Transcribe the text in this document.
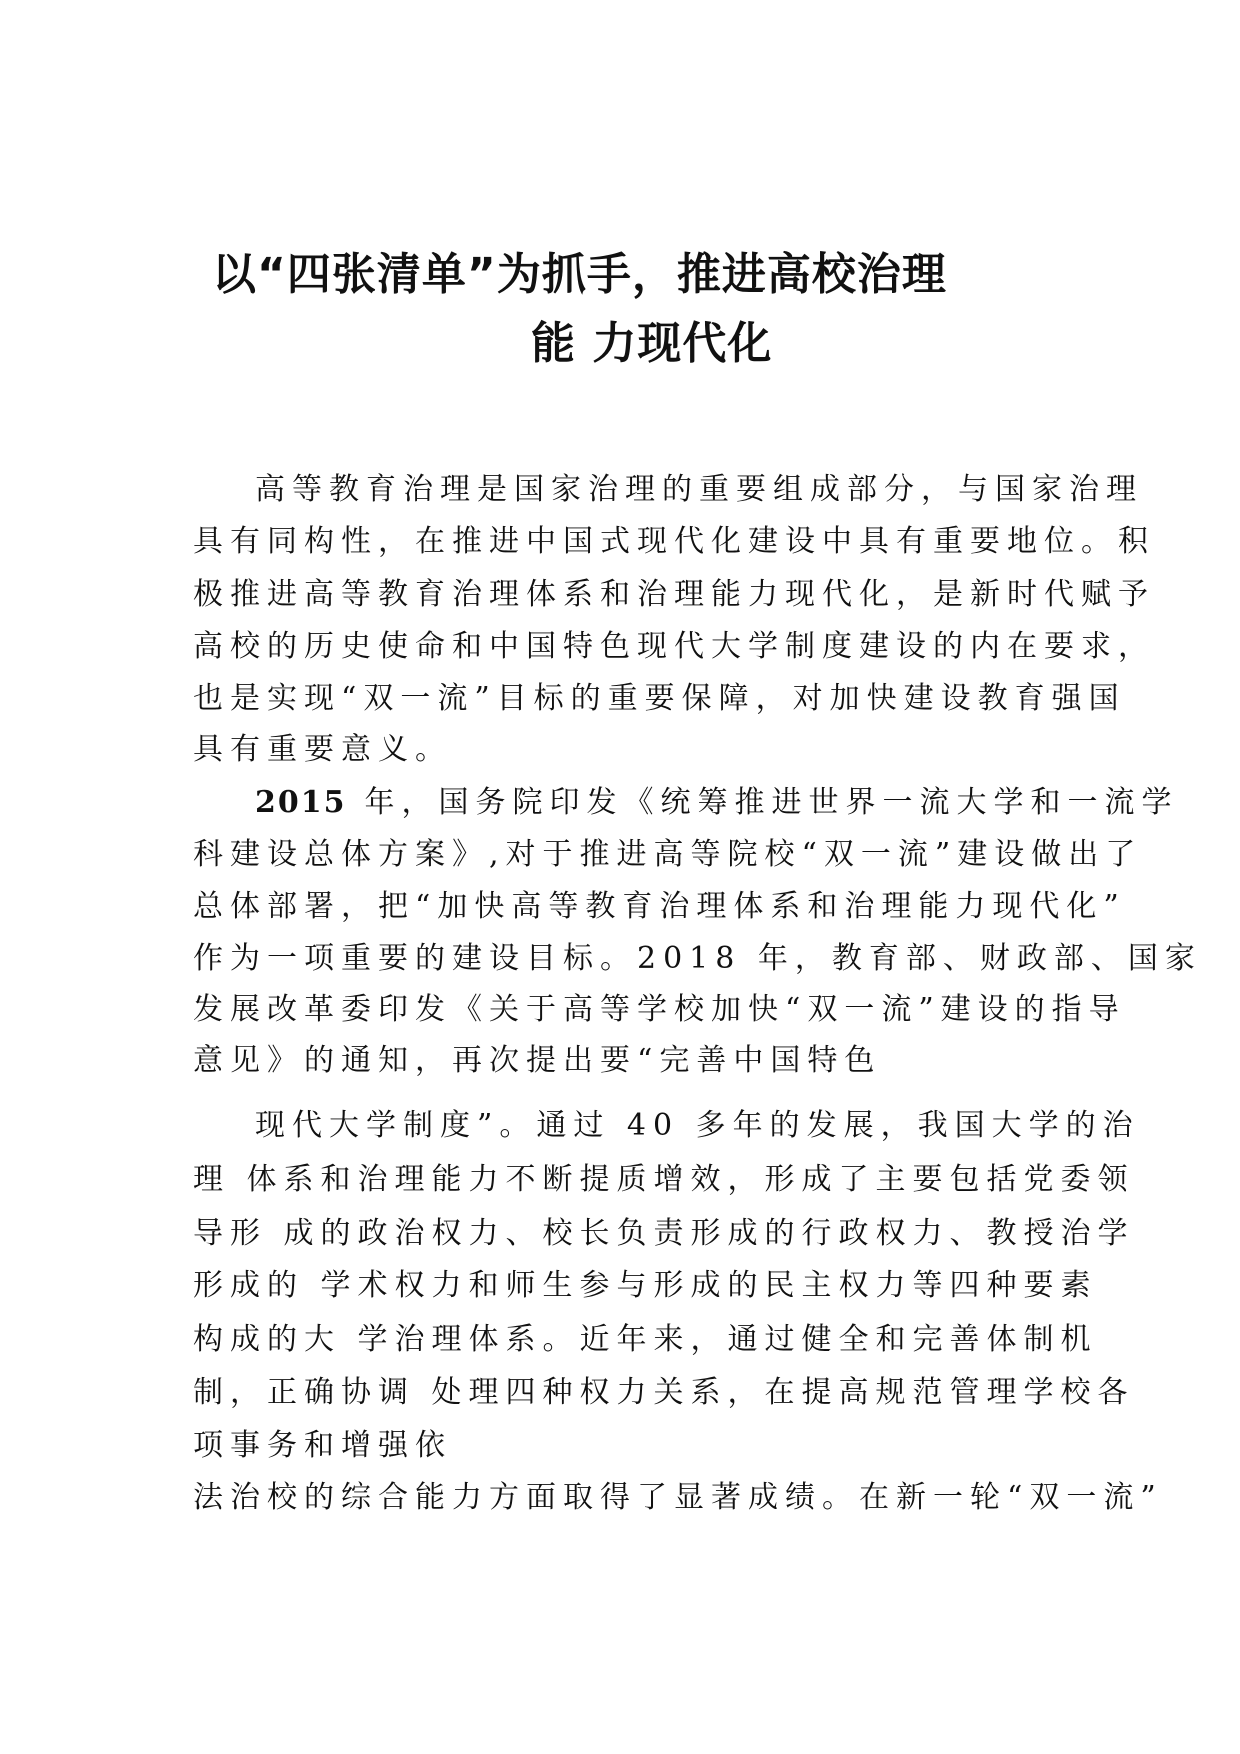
以“四张清单”为抓手，推进高校治理
能 力现代化

高等教育治理是国家治理的重要组成部分，与国家治理

具有同构性，在推进中国式现代化建设中具有重要地位。积

极推进高等教育治理体系和治理能力现代化，是新时代赋予

高校的历史使命和中国特色现代大学制度建设的内在要求，

也是实现“双一流”目标的重要保障，对加快建设教育强国

具有重要意义。

2015 年，国务院印发《统筹推进世界一流大学和一流学

科建设总体方案》,对于推进高等院校“双一流”建设做出了

总体部署，把“加快高等教育治理体系和治理能力现代化”

作为一项重要的建设目标。2018 年，教育部、财政部、国家

发展改革委印发《关于高等学校加快“双一流”建设的指导

意见》的通知，再次提出要“完善中国特色

现代大学制度”。通过 40 多年的发展，我国大学的治

理 体系和治理能力不断提质增效，形成了主要包括党委领

导形 成的政治权力、校长负责形成的行政权力、教授治学

形成的 学术权力和师生参与形成的民主权力等四种要素

构成的大 学治理体系。近年来，通过健全和完善体制机

制，正确协调 处理四种权力关系，在提高规范管理学校各

项事务和增强依

法治校的综合能力方面取得了显著成绩。在新一轮“双一流”
